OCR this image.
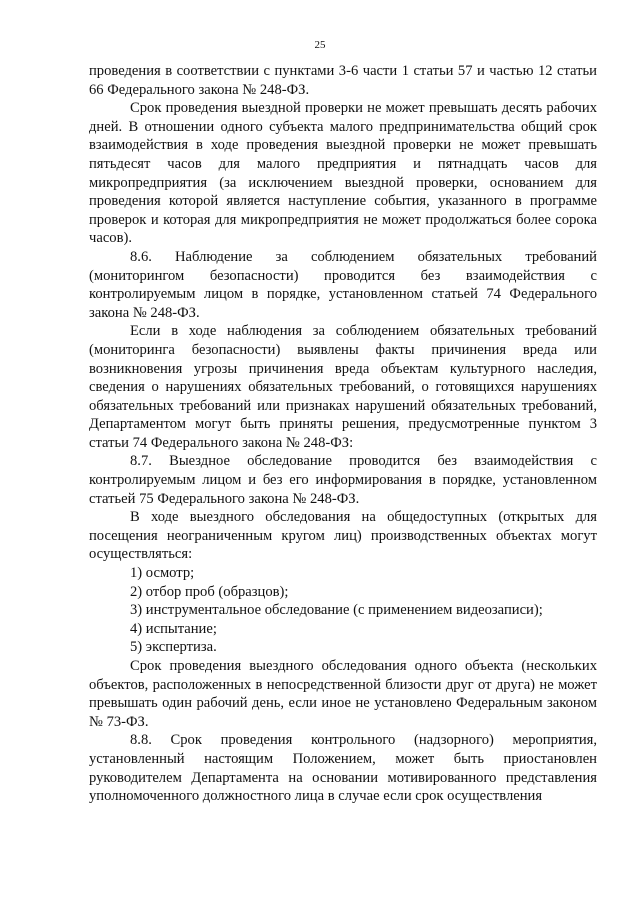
25

проведения в соответствии с пунктами 3-6 части 1 статьи 57 и частью 12 статьи 66 Федерального закона № 248-ФЗ.

Срок проведения выездной проверки не может превышать десять рабочих дней. В отношении одного субъекта малого предпринимательства общий срок взаимодействия в ходе проведения выездной проверки не может превышать пятьдесят часов для малого предприятия и пятнадцать часов для микропредприятия (за исключением выездной проверки, основанием для проведения которой является наступление события, указанного в программе проверок и которая для микропредприятия не может продолжаться более сорока часов).

8.6. Наблюдение за соблюдением обязательных требований (мониторингом безопасности) проводится без взаимодействия с контролируемым лицом в порядке, установленном статьей 74 Федерального закона № 248-ФЗ.

Если в ходе наблюдения за соблюдением обязательных требований (мониторинга безопасности) выявлены факты причинения вреда или возникновения угрозы причинения вреда объектам культурного наследия, сведения о нарушениях обязательных требований, о готовящихся нарушениях обязательных требований или признаках нарушений обязательных требований, Департаментом могут быть приняты решения, предусмотренные пунктом 3 статьи 74 Федерального закона № 248-ФЗ:

8.7. Выездное обследование проводится без взаимодействия с контролируемым лицом и без его информирования в порядке, установленном статьей 75 Федерального закона № 248-ФЗ.

В ходе выездного обследования на общедоступных (открытых для посещения неограниченным кругом лиц) производственных объектах могут осуществляться:

1) осмотр;

2) отбор проб (образцов);

3) инструментальное обследование (с применением видеозаписи);

4) испытание;

5) экспертиза.

Срок проведения выездного обследования одного объекта (нескольких объектов, расположенных в непосредственной близости друг от друга) не может превышать один рабочий день, если иное не установлено Федеральным законом № 73-ФЗ.

8.8. Срок проведения контрольного (надзорного) мероприятия, установленный настоящим Положением, может быть приостановлен руководителем Департамента на основании мотивированного представления уполномоченного должностного лица в случае если срок осуществления
